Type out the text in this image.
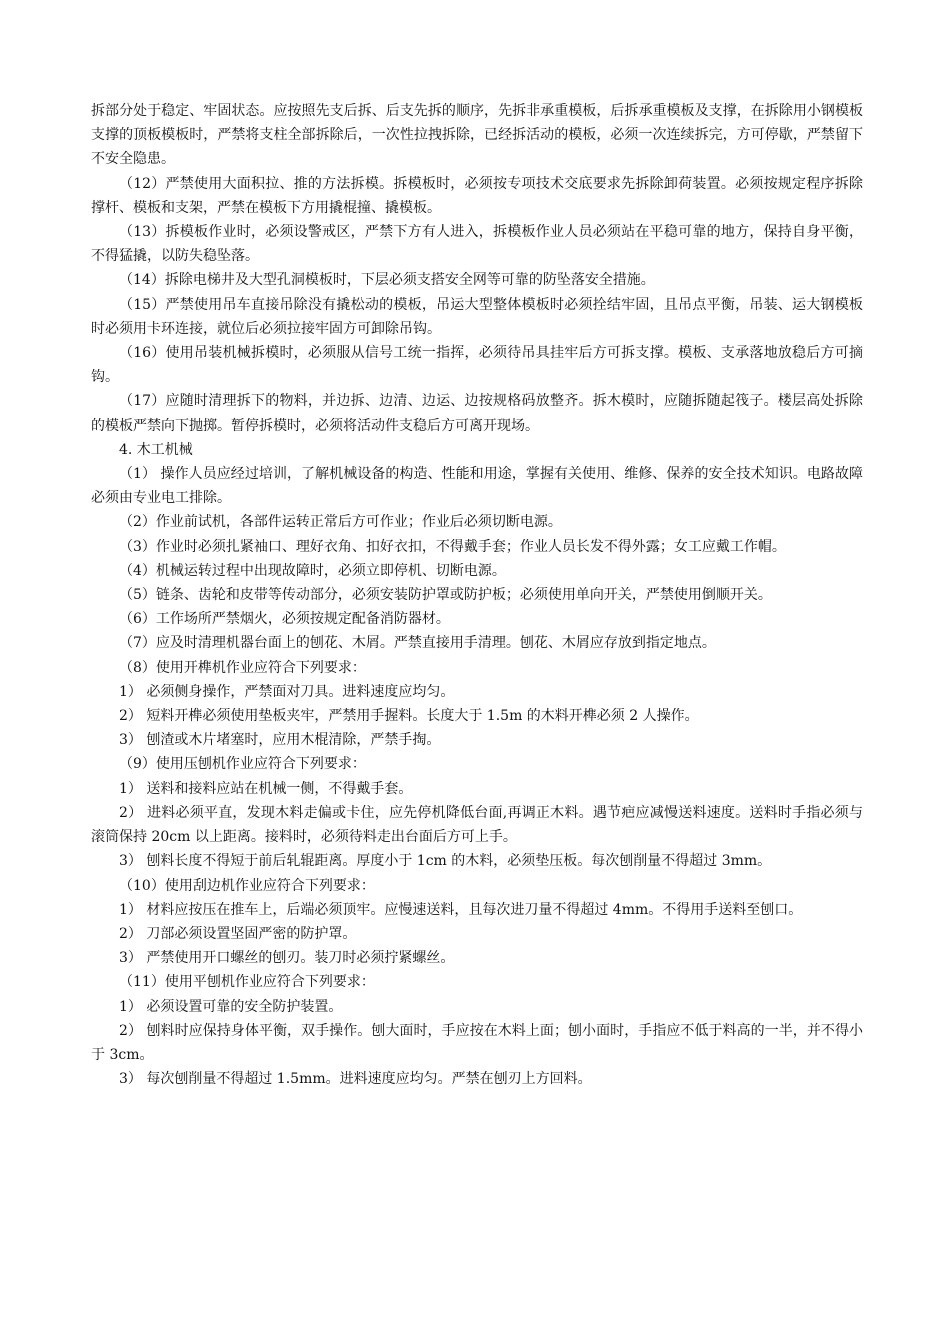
拆部分处于稳定、牢固状态。应按照先支后拆、后支先拆的顺序，先拆非承重模板，后拆承重模板及支撑，在拆除用小钢模板支撑的顶板模板时，严禁将支柱全部拆除后，一次性拉拽拆除，已经拆活动的模板，必须一次连续拆完，方可停歇，严禁留下不安全隐患。

（12）严禁使用大面积拉、推的方法拆模。拆模板时，必须按专项技术交底要求先拆除卸荷装置。必须按规定程序拆除撑杆、模板和支架，严禁在模板下方用撬棍撞、撬模板。

（13）拆模板作业时，必须设警戒区，严禁下方有人进入，拆模板作业人员必须站在平稳可靠的地方，保持自身平衡，不得猛撬，以防失稳坠落。

（14）拆除电梯井及大型孔洞模板时，下层必须支搭安全网等可靠的防坠落安全措施。

（15）严禁使用吊车直接吊除没有撬松动的模板，吊运大型整体模板时必须拴结牢固，且吊点平衡，吊装、运大钢模板时必须用卡环连接，就位后必须拉接牢固方可卸除吊钩。

（16）使用吊装机械拆模时，必须服从信号工统一指挥，必须待吊具挂牢后方可拆支撑。模板、支承落地放稳后方可摘钩。

（17）应随时清理拆下的物料，并边拆、边清、边运、边按规格码放整齐。拆木模时，应随拆随起筏子。楼层高处拆除的模板严禁向下抛掷。暂停拆模时，必须将活动件支稳后方可离开现场。

4. 木工机械

（1） 操作人员应经过培训，了解机械设备的构造、性能和用途，掌握有关使用、维修、保养的安全技术知识。电路故障必须由专业电工排除。

（2）作业前试机，各部件运转正常后方可作业；作业后必须切断电源。

（3）作业时必须扎紧袖口、理好衣角、扣好衣扣，不得戴手套；作业人员长发不得外露；女工应戴工作帽。

（4）机械运转过程中出现故障时，必须立即停机、切断电源。

（5）链条、齿轮和皮带等传动部分，必须安装防护罩或防护板；必须使用单向开关，严禁使用倒顺开关。

（6）工作场所严禁烟火，必须按规定配备消防器材。

（7）应及时清理机器台面上的刨花、木屑。严禁直接用手清理。刨花、木屑应存放到指定地点。

（8）使用开榫机作业应符合下列要求：

1） 必须侧身操作，严禁面对刀具。进料速度应均匀。

2） 短料开榫必须使用垫板夹牢，严禁用手握料。长度大于 1.5m 的木料开榫必须 2 人操作。

3） 刨渣或木片堵塞时，应用木棍清除，严禁手掏。

（9）使用压刨机作业应符合下列要求：

1） 送料和接料应站在机械一侧，不得戴手套。

2） 进料必须平直，发现木料走偏或卡住，应先停机降低台面,再调正木料。遇节疤应减慢送料速度。送料时手指必须与滚筒保持 20cm 以上距离。接料时，必须待料走出台面后方可上手。

3） 刨料长度不得短于前后轧辊距离。厚度小于 1cm 的木料，必须垫压板。每次刨削量不得超过 3mm。

（10）使用刮边机作业应符合下列要求：

1） 材料应按压在推车上，后端必须顶牢。应慢速送料，且每次进刀量不得超过 4mm。不得用手送料至刨口。

2） 刀部必须设置坚固严密的防护罩。

3） 严禁使用开口螺丝的刨刃。装刀时必须拧紧螺丝。

（11）使用平刨机作业应符合下列要求：

1） 必须设置可靠的安全防护装置。

2） 刨料时应保持身体平衡，双手操作。刨大面时，手应按在木料上面；刨小面时，手指应不低于料高的一半，并不得小于 3cm。

3） 每次刨削量不得超过 1.5mm。进料速度应均匀。严禁在刨刃上方回料。
